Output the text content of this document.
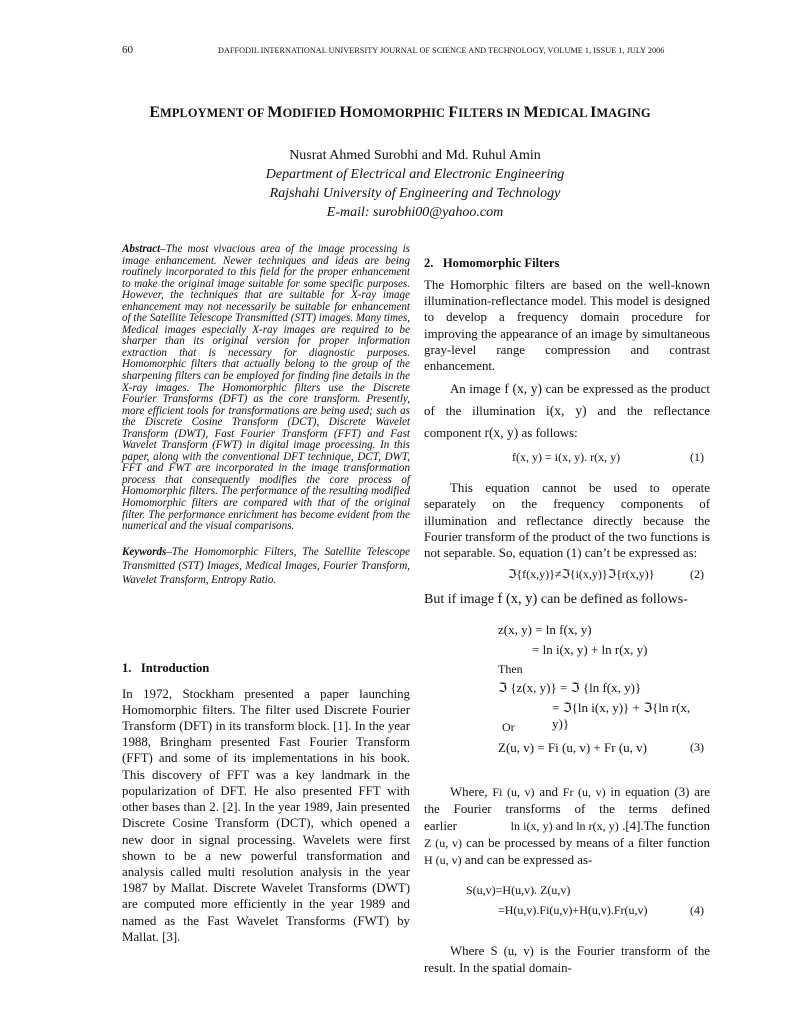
60	DAFFODIL INTERNATIONAL UNIVERSITY JOURNAL OF SCIENCE AND TECHNOLOGY, VOLUME 1, ISSUE 1, JULY 2006
EMPLOYMENT OF MODIFIED HOMOMORPHIC FILTERS IN MEDICAL IMAGING
Nusrat Ahmed Surobhi and Md. Ruhul Amin
Department of Electrical and Electronic Engineering
Rajshahi University of Engineering and Technology
E-mail: surobhi00@yahoo.com

Abstract–The most vivacious area of the image processing is image enhancement. Newer techniques and ideas are being routinely incorporated to this field for the proper enhancement to make the original image suitable for some specific purposes. However, the techniques that are suitable for X-ray image enhancement may not necessarily be suitable for enhancement of the Satellite Telescope Transmitted (STT) images. Many times, Medical images especially X-ray images are required to be sharper than its original version for proper information extraction that is necessary for diagnostic purposes. Homomorphic filters that actually belong to the group of the sharpening filters can be employed for finding fine details in the X-ray images. The Homomorphic filters use the Discrete Fourier Transforms (DFT) as the core transform. Presently, more efficient tools for transformations are being used; such as the Discrete Cosine Transform (DCT), Discrete Wavelet Transform (DWT), Fast Fourier Transform (FFT) and Fast Wavelet Transform (FWT) in digital image processing. In this paper, along with the conventional DFT technique, DCT, DWT, FFT and FWT are incorporated in the image transformation process that consequently modifies the core process of Homomorphic filters. The performance of the resulting modified Homomorphic filters are compared with that of the original filter. The performance enrichment has become evident from the numerical and the visual comparisons.

Keywords–The Homomorphic Filters, The Satellite Telescope Transmitted (STT) Images, Medical Images, Fourier Transform, Wavelet Transform, Entropy Ratio.

1.   Introduction

In 1972, Stockham presented a paper launching Homomorphic filters. The filter used Discrete Fourier Transform (DFT) in its transform block. [1]. In the year 1988, Bringham presented Fast Fourier Transform (FFT) and some of its implementations in his book. This discovery of FFT was a key landmark in the popularization of DFT. He also presented FFT with other bases than 2. [2]. In the year 1989, Jain presented Discrete Cosine Transform (DCT), which opened a new door in signal processing. Wavelets were first shown to be a new powerful transformation and analysis called multi resolution analysis in the year 1987 by Mallat. Discrete Wavelet Transforms (DWT) are computed more efficiently in the year 1989 and named as the Fast Wavelet Transforms (FWT) by Mallat. [3].

2.   Homomorphic Filters

The Homorphic filters are based on the well-known illumination-reflectance model. This model is designed to develop a frequency domain procedure for improving the appearance of an image by simultaneous gray-level range compression and contrast enhancement.

An image f (x, y) can be expressed as the product of the illumination i(x, y) and the reflectance component r(x, y) as follows:

f(x, y) = i(x, y). r(x, y)	(1)

This equation cannot be used to operate separately on the frequency components of illumination and reflectance directly because the Fourier transform of the product of the two functions is not separable. So, equation (1) can’t be expressed as:

ℑ{f(x,y)}≠ℑ{i(x,y)}ℑ{r(x,y)}	(2)

But if image f (x, y) can be defined as follows-

z(x, y) = ln f(x, y)
= ln i(x, y) + ln r(x, y)
Then
ℑ {z(x, y)} = ℑ {ln f(x, y)}
= ℑ{ln i(x, y)} + ℑ{ln r(x, y)}
Or
Z(u, v) = Fi (u, v) + Fr (u, v)	(3)

Where, Fi (u, v) and Fr (u, v) in equation (3) are the Fourier transforms of the terms defined earlier	ln i(x, y) and ln r(x, y) .[4].The function Z (u, v) can be processed by means of a filter function H (u, v) and can be expressed as-

S(u,v)=H(u,v). Z(u,v)
=H(u,v).Fi(u,v)+H(u,v).Fr(u,v)	(4)

Where S (u, v) is the Fourier transform of the result. In the spatial domain-
